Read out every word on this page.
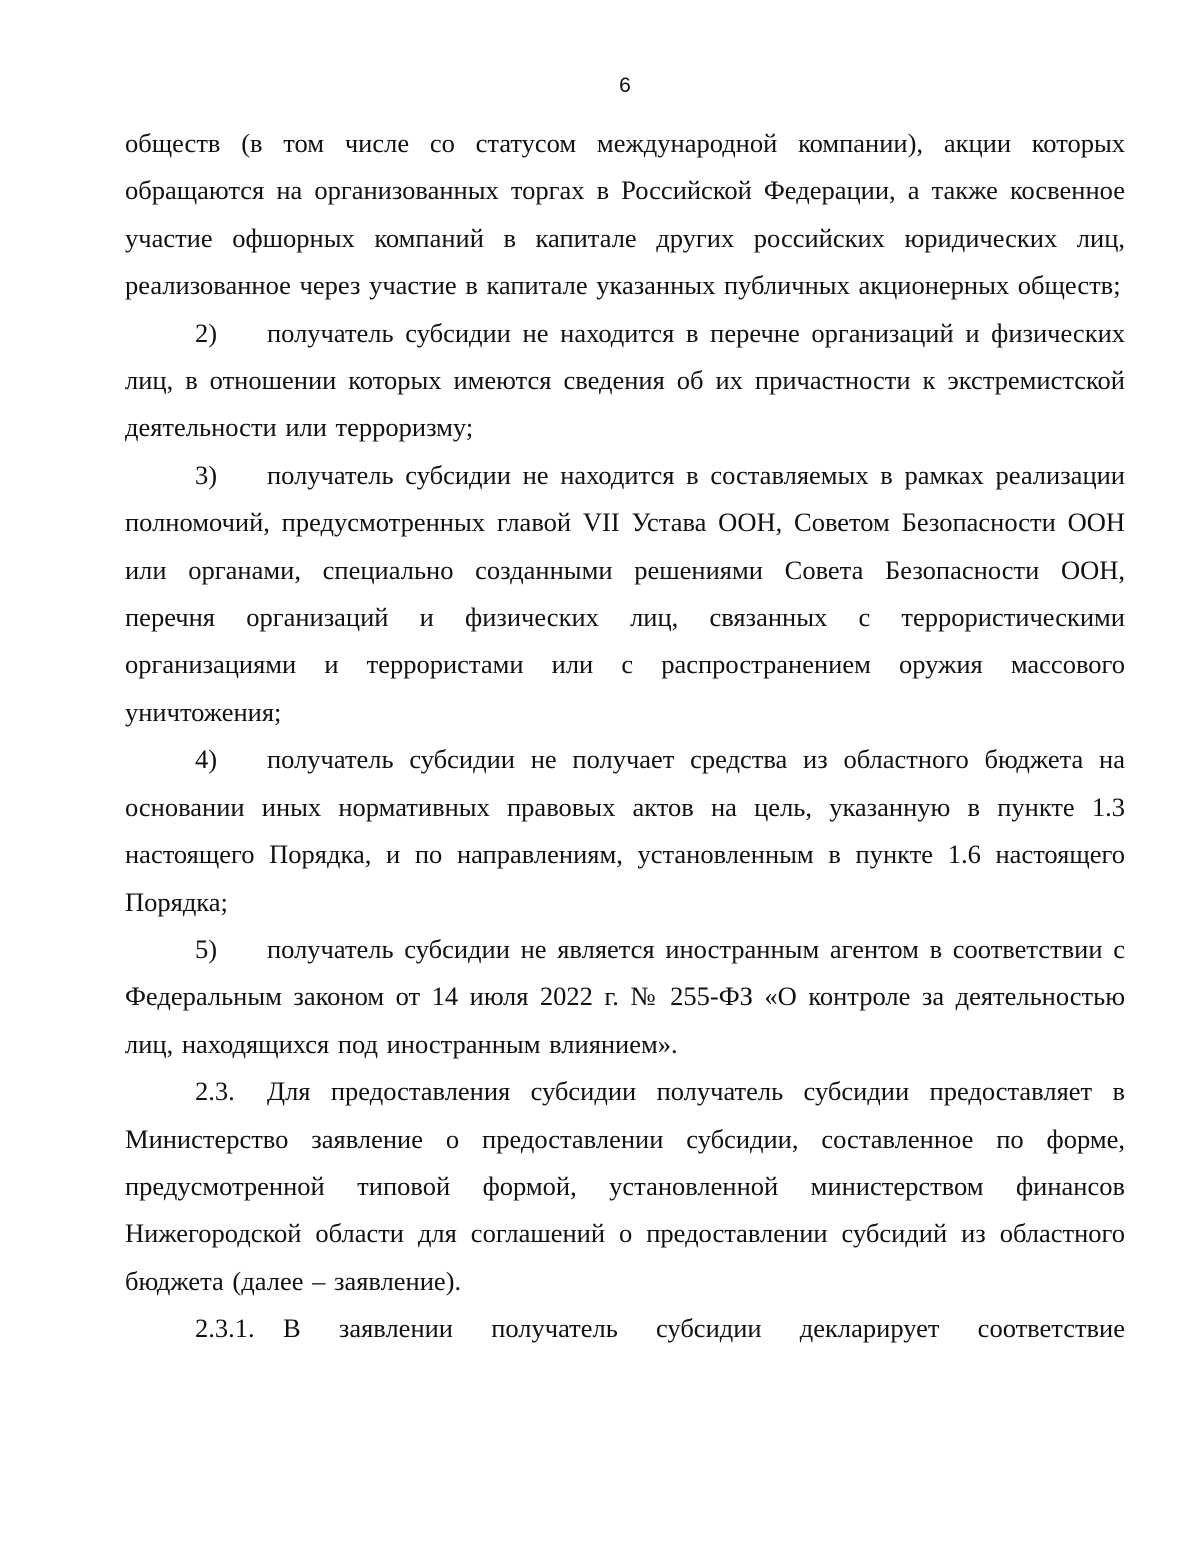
6

обществ (в том числе со статусом международной компании), акции которых обращаются на организованных торгах в Российской Федерации, а также косвенное участие офшорных компаний в капитале других российских юридических лиц, реализованное через участие в капитале указанных публичных акционерных обществ;

2) получатель субсидии не находится в перечне организаций и физических лиц, в отношении которых имеются сведения об их причастности к экстремистской деятельности или терроризму;

3) получатель субсидии не находится в составляемых в рамках реализации полномочий, предусмотренных главой VII Устава ООН, Советом Безопасности ООН или органами, специально созданными решениями Совета Безопасности ООН, перечня организаций и физических лиц, связанных с террористическими организациями и террористами или с распространением оружия массового уничтожения;

4) получатель субсидии не получает средства из областного бюджета на основании иных нормативных правовых актов на цель, указанную в пункте 1.3 настоящего Порядка, и по направлениям, установленным в пункте 1.6 настоящего Порядка;

5) получатель субсидии не является иностранным агентом в соответствии с Федеральным законом от 14 июля 2022 г. № 255-ФЗ «О контроле за деятельностью лиц, находящихся под иностранным влиянием».

2.3. Для предоставления субсидии получатель субсидии предоставляет в Министерство заявление о предоставлении субсидии, составленное по форме, предусмотренной типовой формой, установленной министерством финансов Нижегородской области для соглашений о предоставлении субсидий из областного бюджета (далее – заявление).

2.3.1. В заявлении получатель субсидии декларирует соответствие
